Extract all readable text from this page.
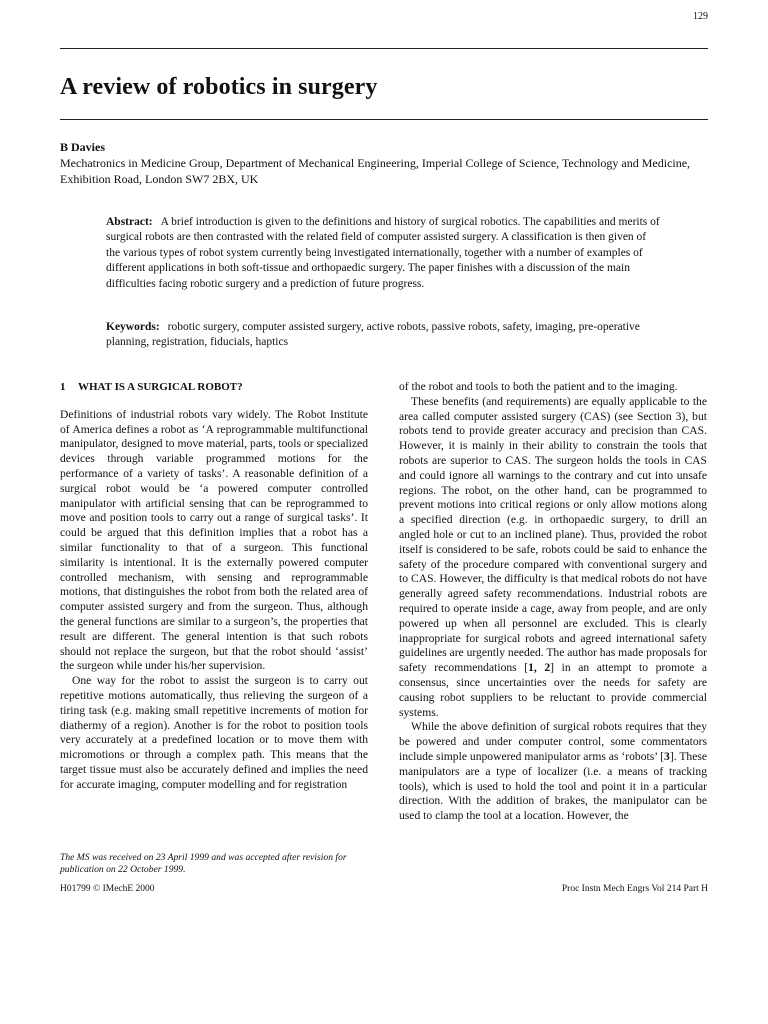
129
A review of robotics in surgery
B Davies
Mechatronics in Medicine Group, Department of Mechanical Engineering, Imperial College of Science, Technology and Medicine, Exhibition Road, London SW7 2BX, UK

Abstract: A brief introduction is given to the definitions and history of surgical robotics. The capabilities and merits of surgical robots are then contrasted with the related field of computer assisted surgery. A classification is then given of the various types of robot system currently being investigated internationally, together with a number of examples of different applications in both soft-tissue and orthopaedic surgery. The paper finishes with a discussion of the main difficulties facing robotic surgery and a prediction of future progress.

Keywords: robotic surgery, computer assisted surgery, active robots, passive robots, safety, imaging, pre-operative planning, registration, fiducials, haptics

1 WHAT IS A SURGICAL ROBOT?

Definitions of industrial robots vary widely. The Robot Institute of America defines a robot as ‘A reprogrammable multifunctional manipulator, designed to move material, parts, tools or specialized devices through variable programmed motions for the performance of a variety of tasks’. A reasonable definition of a surgical robot would be ‘a powered computer controlled manipulator with artificial sensing that can be reprogrammed to move and position tools to carry out a range of surgical tasks’. It could be argued that this definition implies that a robot has a similar functionality to that of a surgeon. This functional similarity is intentional. It is the externally powered computer controlled mechanism, with sensing and reprogrammable motions, that distinguishes the robot from both the related area of computer assisted surgery and from the surgeon. Thus, although the general functions are similar to a surgeon’s, the properties that result are different. The general intention is that such robots should not replace the surgeon, but that the robot should ‘assist’ the surgeon while under his/her supervision.

One way for the robot to assist the surgeon is to carry out repetitive motions automatically, thus relieving the surgeon of a tiring task (e.g. making small repetitive increments of motion for diathermy of a region). Another is for the robot to position tools very accurately at a predefined location or to move them with micromotions or through a complex path. This means that the target tissue must also be accurately defined and implies the need for accurate imaging, computer modelling and for registration

of the robot and tools to both the patient and to the imaging.

These benefits (and requirements) are equally applicable to the area called computer assisted surgery (CAS) (see Section 3), but robots tend to provide greater accuracy and precision than CAS. However, it is mainly in their ability to constrain the tools that robots are superior to CAS. The surgeon holds the tools in CAS and could ignore all warnings to the contrary and cut into unsafe regions. The robot, on the other hand, can be programmed to prevent motions into critical regions or only allow motions along a specified direction (e.g. in orthopaedic surgery, to drill an angled hole or cut to an inclined plane). Thus, provided the robot itself is considered to be safe, robots could be said to enhance the safety of the procedure compared with conventional surgery and to CAS. However, the difficulty is that medical robots do not have generally agreed safety recommendations. Industrial robots are required to operate inside a cage, away from people, and are only powered up when all personnel are excluded. This is clearly inappropriate for surgical robots and agreed international safety guidelines are urgently needed. The author has made proposals for safety recommendations [1, 2] in an attempt to promote a consensus, since uncertainties over the needs for safety are causing robot suppliers to be reluctant to provide commercial systems.

While the above definition of surgical robots requires that they be powered and under computer control, some commentators include simple unpowered manipulator arms as ‘robots’ [3]. These manipulators are a type of localizer (i.e. a means of tracking tools), which is used to hold the tool and point it in a particular direction. With the addition of brakes, the manipulator can be used to clamp the tool at a location. However, the

The MS was received on 23 April 1999 and was accepted after revision for publication on 22 October 1999.
H01799 © IMechE 2000	Proc Instn Mech Engrs Vol 214 Part H
